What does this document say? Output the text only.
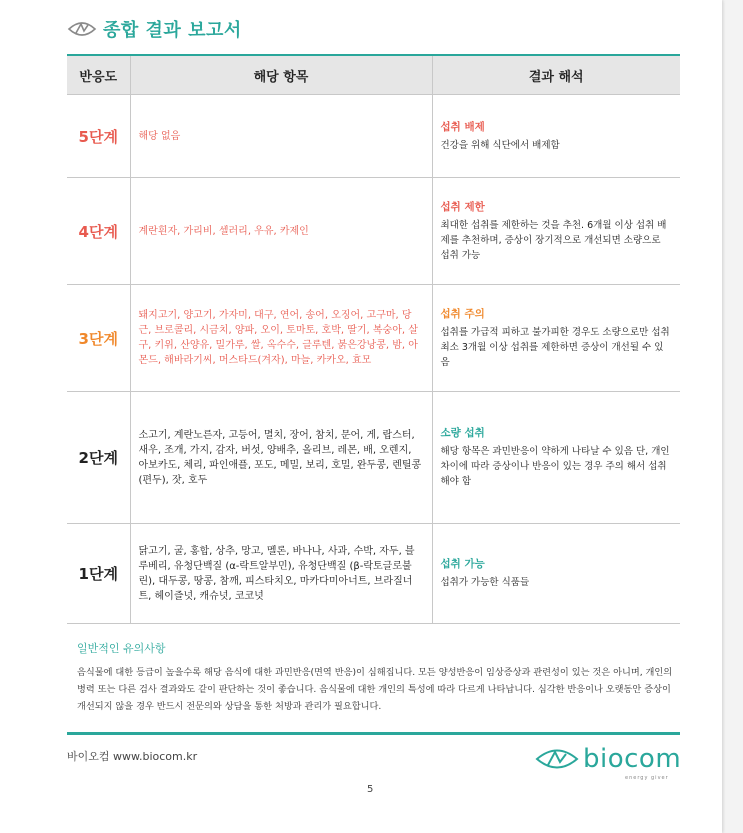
종합 결과 보고서
반응도	해당 항목	결과 해석
5단계	해당 없음	섭취 배제
건강을 위해 식단에서 배제함

4단계	계란흰자, 가리비, 셀러리, 우유, 카제인	섭취 제한
최대한 섭취를 제한하는 것을 추천. 6개월 이상 섭취 배제를 추천하며, 증상이 장기적으로 개선되면 소량으로 섭취 가능

3단계	돼지고기, 양고기, 가자미, 대구, 연어, 송어, 오징어, 고구마, 당근, 브로콜리, 시금치, 양파, 오이, 토마토, 호박, 딸기, 복숭아, 살구, 키위, 산양유, 밀가루, 쌀, 옥수수, 글루텐, 붉은강낭콩, 밤, 아몬드, 해바라기씨, 머스타드(겨자), 마늘, 카카오, 효모	섭취 주의
섭취를 가급적 피하고 불가피한 경우도 소량으로만 섭취 최소 3개월 이상 섭취를 제한하면 증상이 개선될 수 있음

2단계	소고기, 계란노른자, 고등어, 멸치, 장어, 참치, 문어, 게, 랍스터, 새우, 조개, 가지, 감자, 버섯, 양배추, 올리브, 레몬, 배, 오렌지, 아보카도, 체리, 파인애플, 포도, 메밀, 보리, 호밀, 완두콩, 렌틸콩(편두), 잣, 호두	소량 섭취
해당 항목은 과민반응이 약하게 나타날 수 있음 단, 개인 차이에 따라 증상이나 반응이 있는 경우 주의 해서 섭취해야 함

1단계	닭고기, 굴, 홍합, 상추, 망고, 멜론, 바나나, 사과, 수박, 자두, 블루베리, 유청단백질 (α-락트알부민), 유청단백질 (β-락토글로불린), 대두콩, 땅콩, 참깨, 피스타치오, 마카다미아너트, 브라질너트, 헤이즐넛, 캐슈넛, 코코넛	섭취 가능
섭취가 가능한 식품들
일반적인 유의사항
음식물에 대한 등급이 높을수록 해당 음식에 대한 과민반응(면역 반응)이 심해집니다. 모든 양성반응이 임상증상과 관련성이 있는 것은 아니며, 개인의 병력 또는 다른 검사 결과와도 같이 판단하는 것이 좋습니다. 음식물에 대한 개인의 특성에 따라 다르게 나타납니다. 심각한 반응이나 오랫동안 증상이 개선되지 않을 경우 반드시 전문의와 상담을 통한 처방과 관리가 필요합니다.
바이오컴 www.biocom.kr	biocom
energy giver
5
